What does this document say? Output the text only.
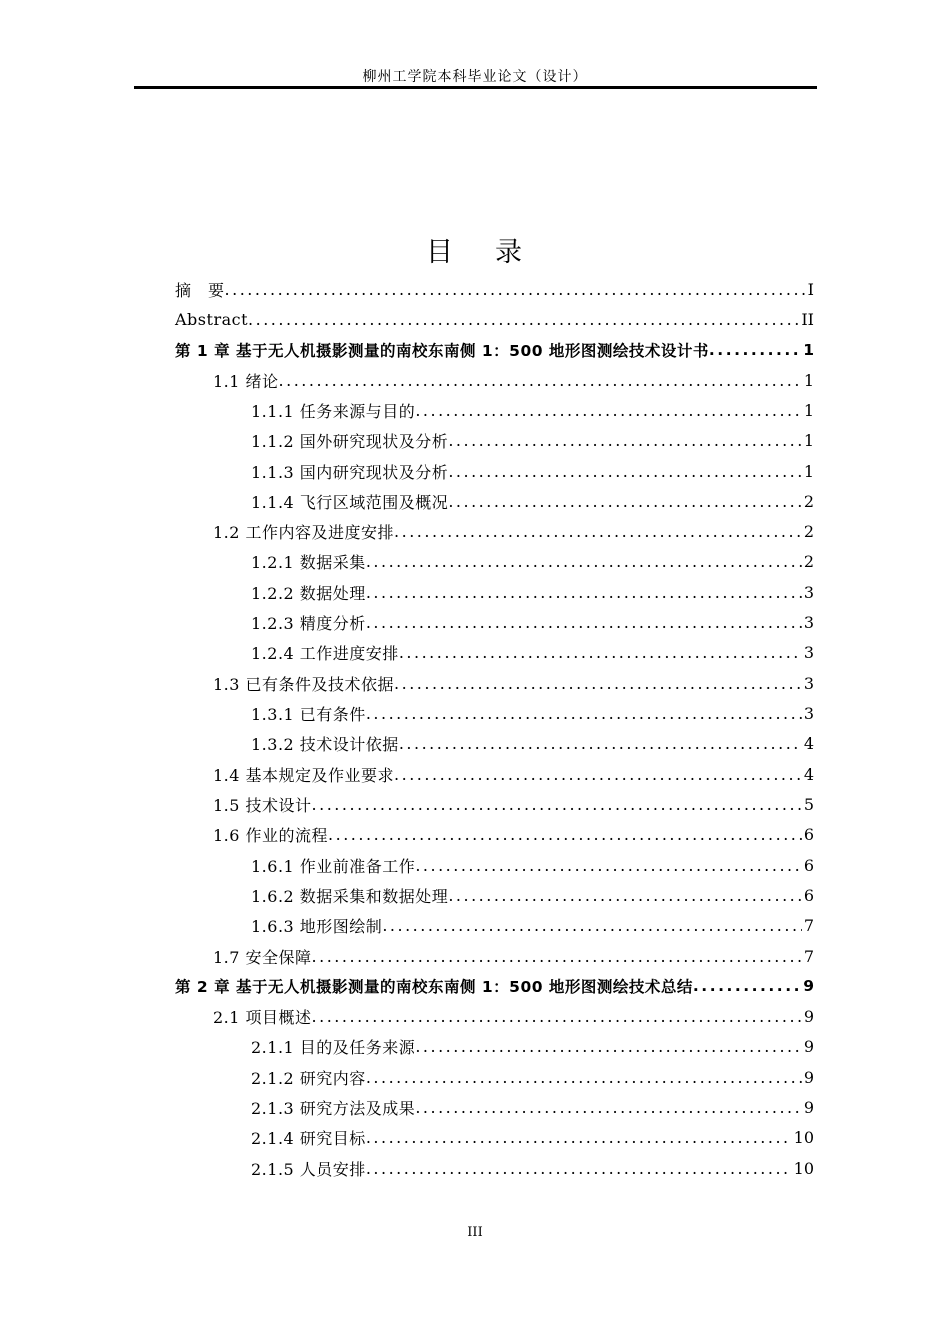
柳州工学院本科毕业论文（设计）
目 录
摘　要 .....	I
Abstract .....	II
第 1 章 基于无人机摄影测量的南校东南侧 1：500 地形图测绘技术设计书 .....	1
1.1 绪论 .....	1
1.1.1 任务来源与目的 .....	1
1.1.2 国外研究现状及分析 .....	1
1.1.3 国内研究现状及分析 .....	1
1.1.4 飞行区域范围及概况 .....	2
1.2 工作内容及进度安排 .....	2
1.2.1 数据采集 .....	2
1.2.2 数据处理 .....	3
1.2.3 精度分析 .....	3
1.2.4 工作进度安排 .....	3
1.3 已有条件及技术依据 .....	3
1.3.1 已有条件 .....	3
1.3.2 技术设计依据 .....	4
1.4 基本规定及作业要求 .....	4
1.5 技术设计 .....	5
1.6 作业的流程 .....	6
1.6.1 作业前准备工作 .....	6
1.6.2 数据采集和数据处理 .....	6
1.6.3 地形图绘制 .....	7
1.7 安全保障 .....	7
第 2 章 基于无人机摄影测量的南校东南侧 1：500 地形图测绘技术总结 .....	9
2.1 项目概述 .....	9
2.1.1 目的及任务来源 .....	9
2.1.2 研究内容 .....	9
2.1.3 研究方法及成果 .....	9
2.1.4 研究目标 .....	10
2.1.5 人员安排 .....	10
III
